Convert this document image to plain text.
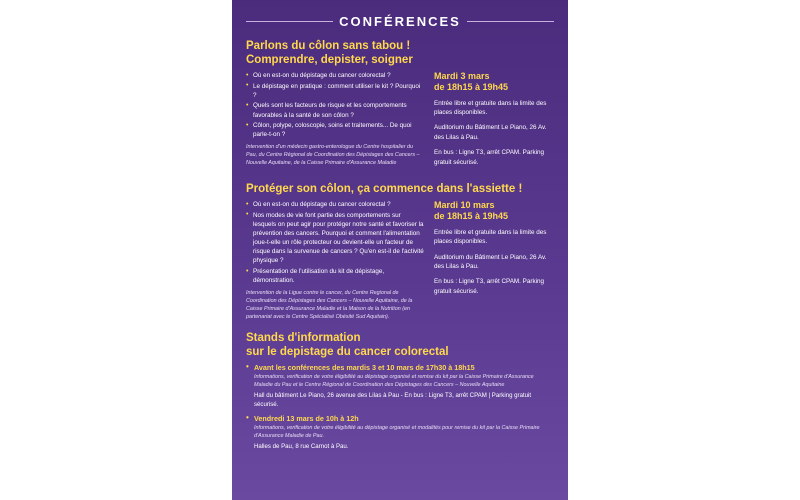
CONFÉRENCES
Parlons du côlon sans tabou !
Comprendre, depister, soigner
• Où en est-on du dépistage du cancer colorectal ?
• Le dépistage en pratique : comment utiliser le kit ? Pourquoi ?
• Quels sont les facteurs de risque et les comportements favorables à la santé de son côlon ?
• Côlon, polype, coloscopie, soins et traitements... De quoi parle-t-on ?
Intervention d'un médecin gastro-enterologue du Centre hospitalier du Pau, du Centre Régional de Coordination des Dépistages des Cancers – Nouvelle Aquitaine, de la Caisse Primaire d'Assurance Maladie
Mardi 3 mars
de 18h15 à 19h45
Entrée libre et gratuite dans la limite des places disponibles.
Auditorium du Bâtiment Le Piano, 26 Av. des Lilas à Pau.
En bus : Ligne T3, arrêt CPAM. Parking gratuit sécurisé.
Protéger son côlon, ça commence dans l'assiette !
• Où en est-on du dépistage du cancer colorectal ?
• Nos modes de vie font partie des comportements sur lesquels on peut agir pour protéger notre santé et favoriser la prévention des cancers. Pourquoi et comment l'alimentation joue-t-elle un rôle protecteur ou devient-elle un facteur de risque dans la survenue de cancers ? Qu'en est-il de l'activité physique ?
• Présentation de l'utilisation du kit de dépistage, démonstration.
Intervention de la Ligue contre le cancer, du Centre Regional de Coordination des Dépistages des Cancers – Nouvelle Aquitaine, de la Caisse Primaire d'Assurance Maladie et la Maison de la Nutrition (en partenariat avec le Centre Spécialisé Obésité Sud Aquitain).
Mardi 10 mars
de 18h15 à 19h45
Entrée libre et gratuite dans la limite des places disponibles.
Auditorium du Bâtiment Le Piano, 26 Av. des Lilas à Pau.
En bus : Ligne T3, arrêt CPAM. Parking gratuit sécurisé.
Stands d'information
sur le depistage du cancer colorectal
• Avant les conférences des mardis 3 et 10 mars de 17h30 à 18h15
Informations, verification de votre éligibilité au dépistage organisé et remise du kit par la Caisse Primaire d'Assurance Maladie du Pau et le Centre Régional de Coordination des Dépistages des Cancers – Nouvelle Aquitaine
Hall du bâtiment Le Piano, 26 avenue des Lilas à Pau - En bus : Ligne T3, arrêt CPAM | Parking gratuit sécurisé.
• Vendredi 13 mars de 10h à 12h
Informations, verification de votre éligibilité au dépistage organisé et modalités pour remise du kit par la Caisse Primaire d'Assurance Maladie de Pau.
Halles de Pau, 8 rue Carnot à Pau.
